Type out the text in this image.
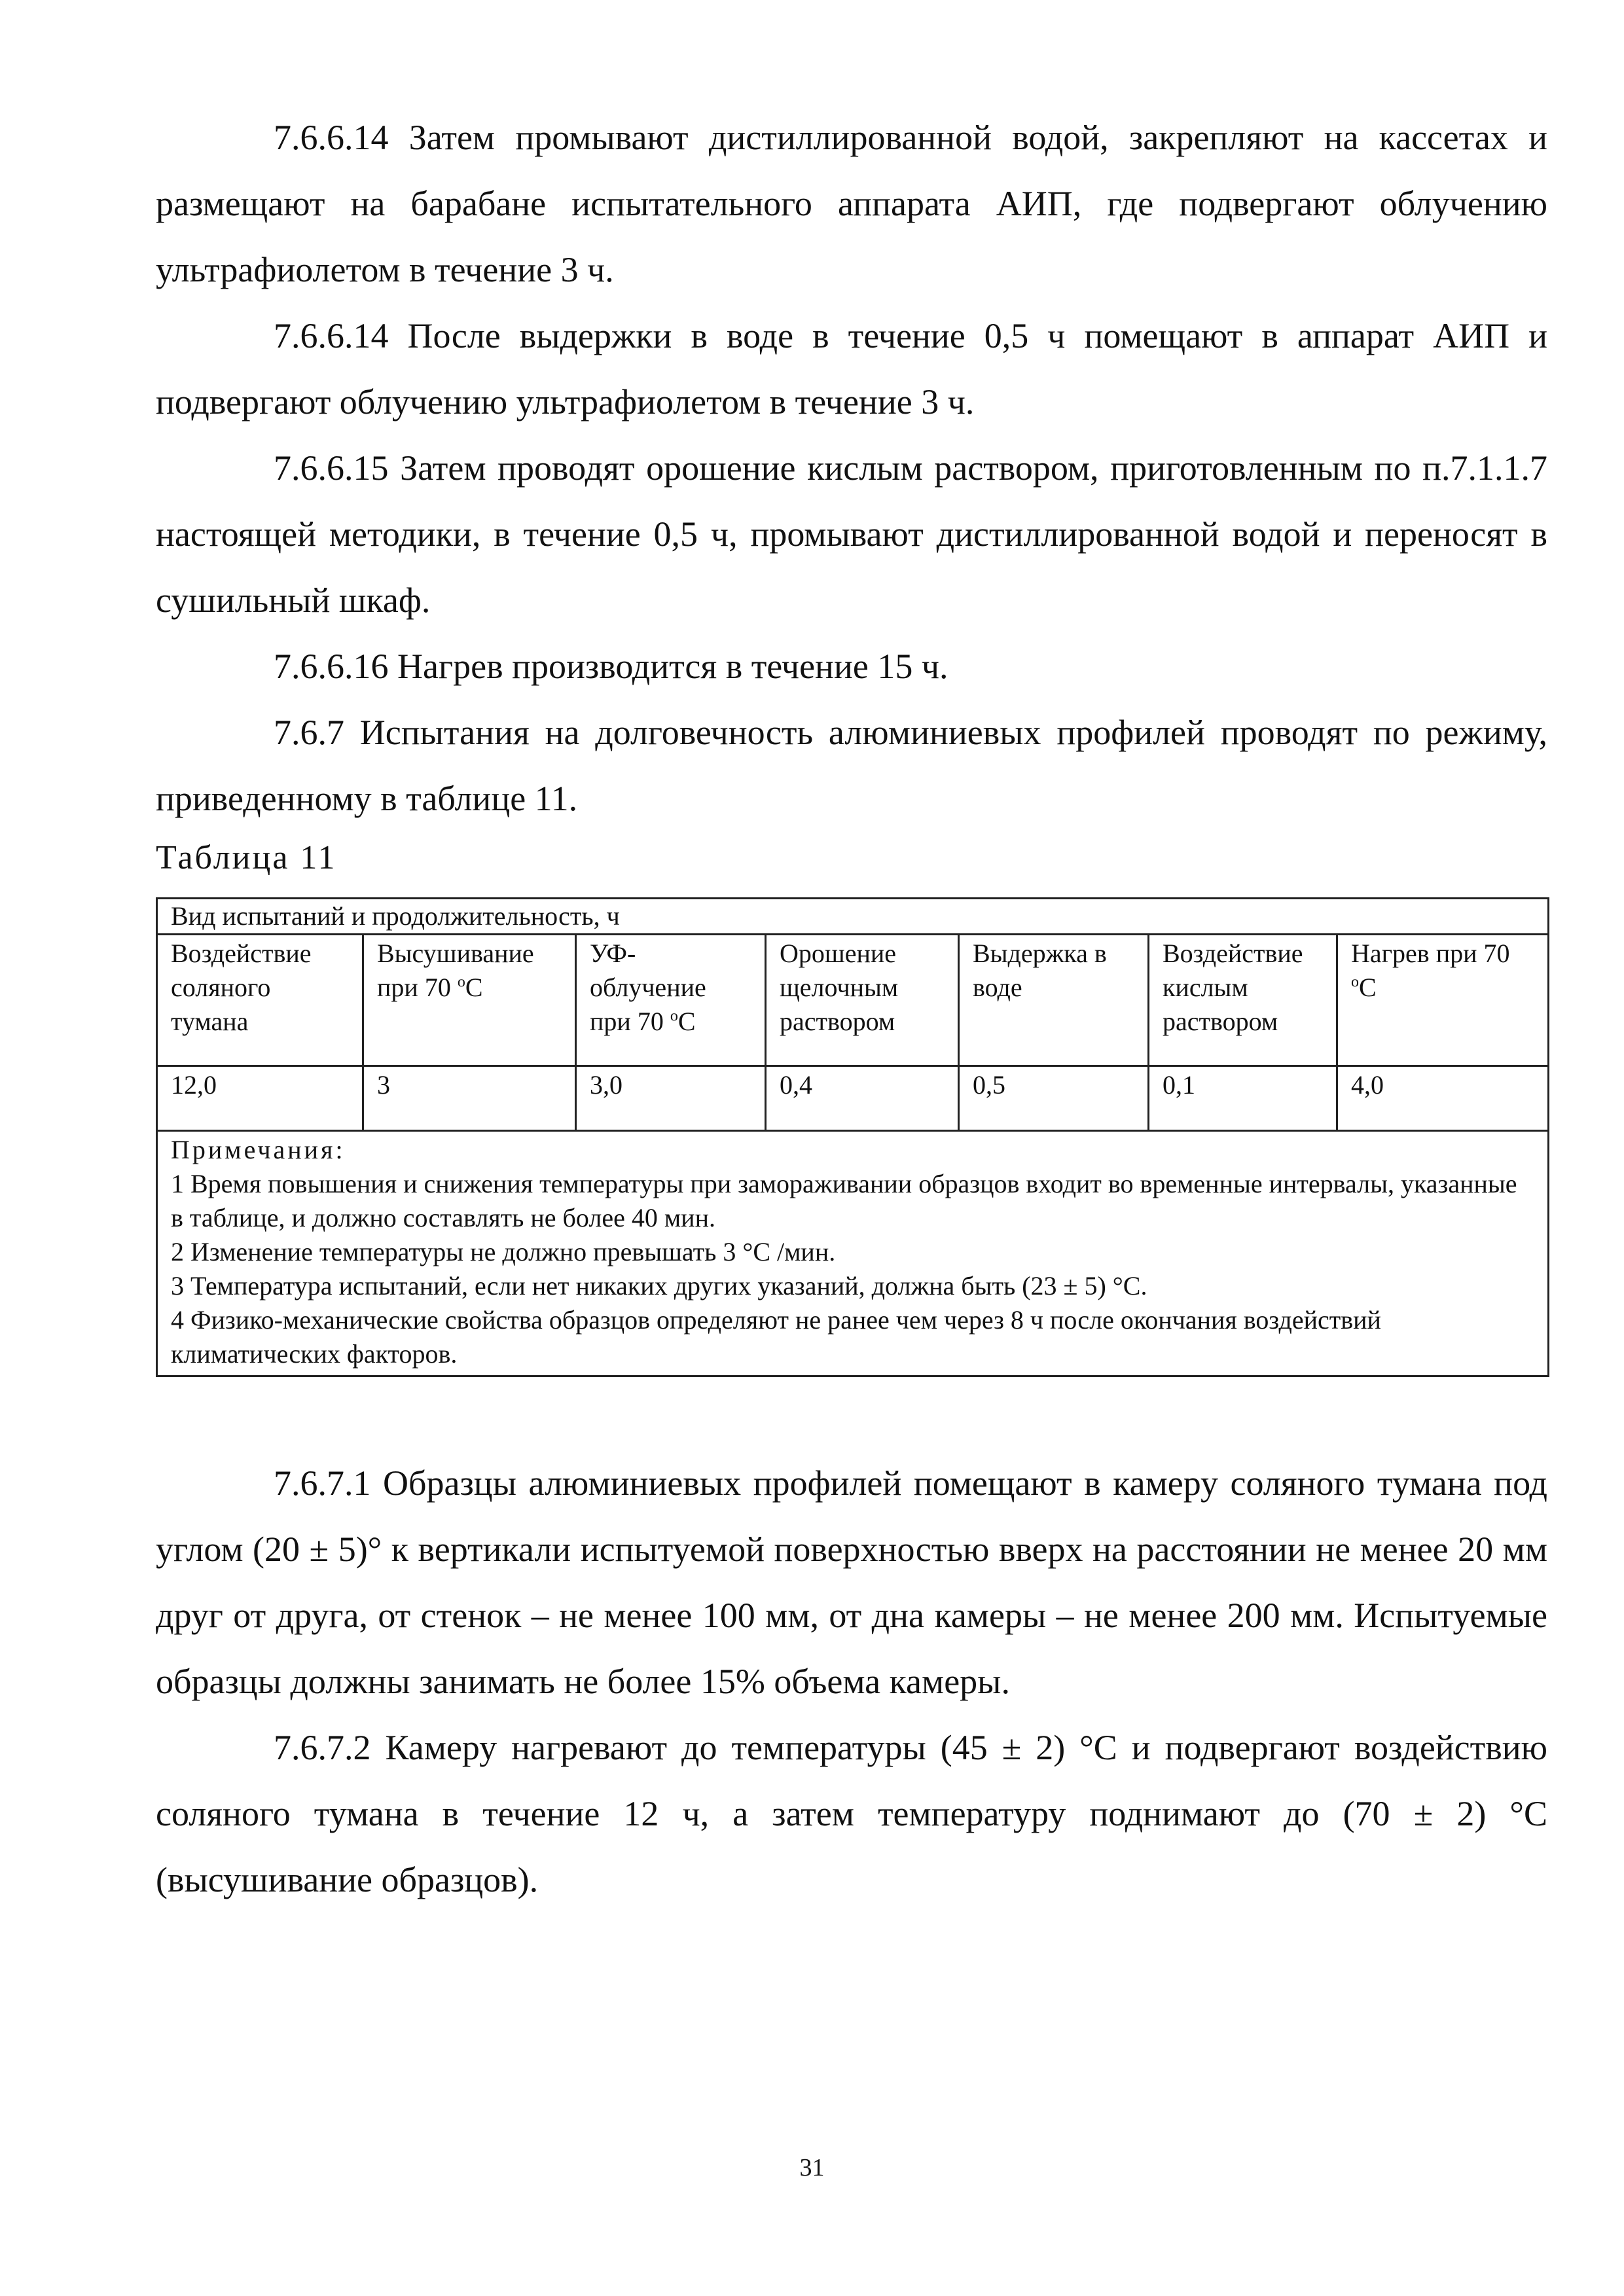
7.6.6.14 Затем промывают дистиллированной водой, закрепляют на кассетах и размещают на барабане испытательного аппарата АИП, где подвергают облучению ультрафиолетом в течение 3 ч.

7.6.6.14 После выдержки в воде в течение 0,5 ч помещают в аппарат АИП и подвергают облучению ультрафиолетом в течение 3 ч.

7.6.6.15 Затем проводят орошение кислым раствором, приготовленным по п.7.1.1.7 настоящей методики, в течение 0,5 ч, промывают дистиллированной водой и переносят в сушильный шкаф.

7.6.6.16 Нагрев производится в течение 15 ч.

7.6.7 Испытания на долговечность алюминиевых профилей проводят по режиму, приведенному в таблице 11.

Таблица 11
Вид испытаний и продолжительность, ч						
Воздействие соляного тумана	Высушивание при 70 $^o$С	УФ-облучение при 70 $^o$С	Орошение щелочным раствором	Выдержка в воде	Воздействие кислым раствором	Нагрев при 70 $^o$С
12,0	3	3,0	0,4	0,5	0,1	4,0

Примечания:
1 Время повышения и снижения температуры при замораживании образцов входит во временные интервалы, указанные в таблице, и должно составлять не более 40 мин.
2 Изменение температуры не должно превышать 3 °С /мин.
3 Температура испытаний, если нет никаких других указаний, должна быть (23 ± 5) °С.
4 Физико-механические свойства образцов определяют не ранее чем через 8 ч после окончания воздействий климатических факторов.						

7.6.7.1 Образцы алюминиевых профилей помещают в камеру соляного тумана под углом (20 ± 5)° к вертикали испытуемой поверхностью вверх на расстоянии не менее 20 мм друг от друга, от стенок – не менее 100 мм, от дна камеры – не менее 200 мм. Испытуемые образцы должны занимать не более 15% объема камеры.

7.6.7.2 Камеру нагревают до температуры (45 ± 2) °С и подвергают воздействию соляного тумана в течение 12 ч, а затем температуру поднимают до (70 ± 2) °С (высушивание образцов).

31
